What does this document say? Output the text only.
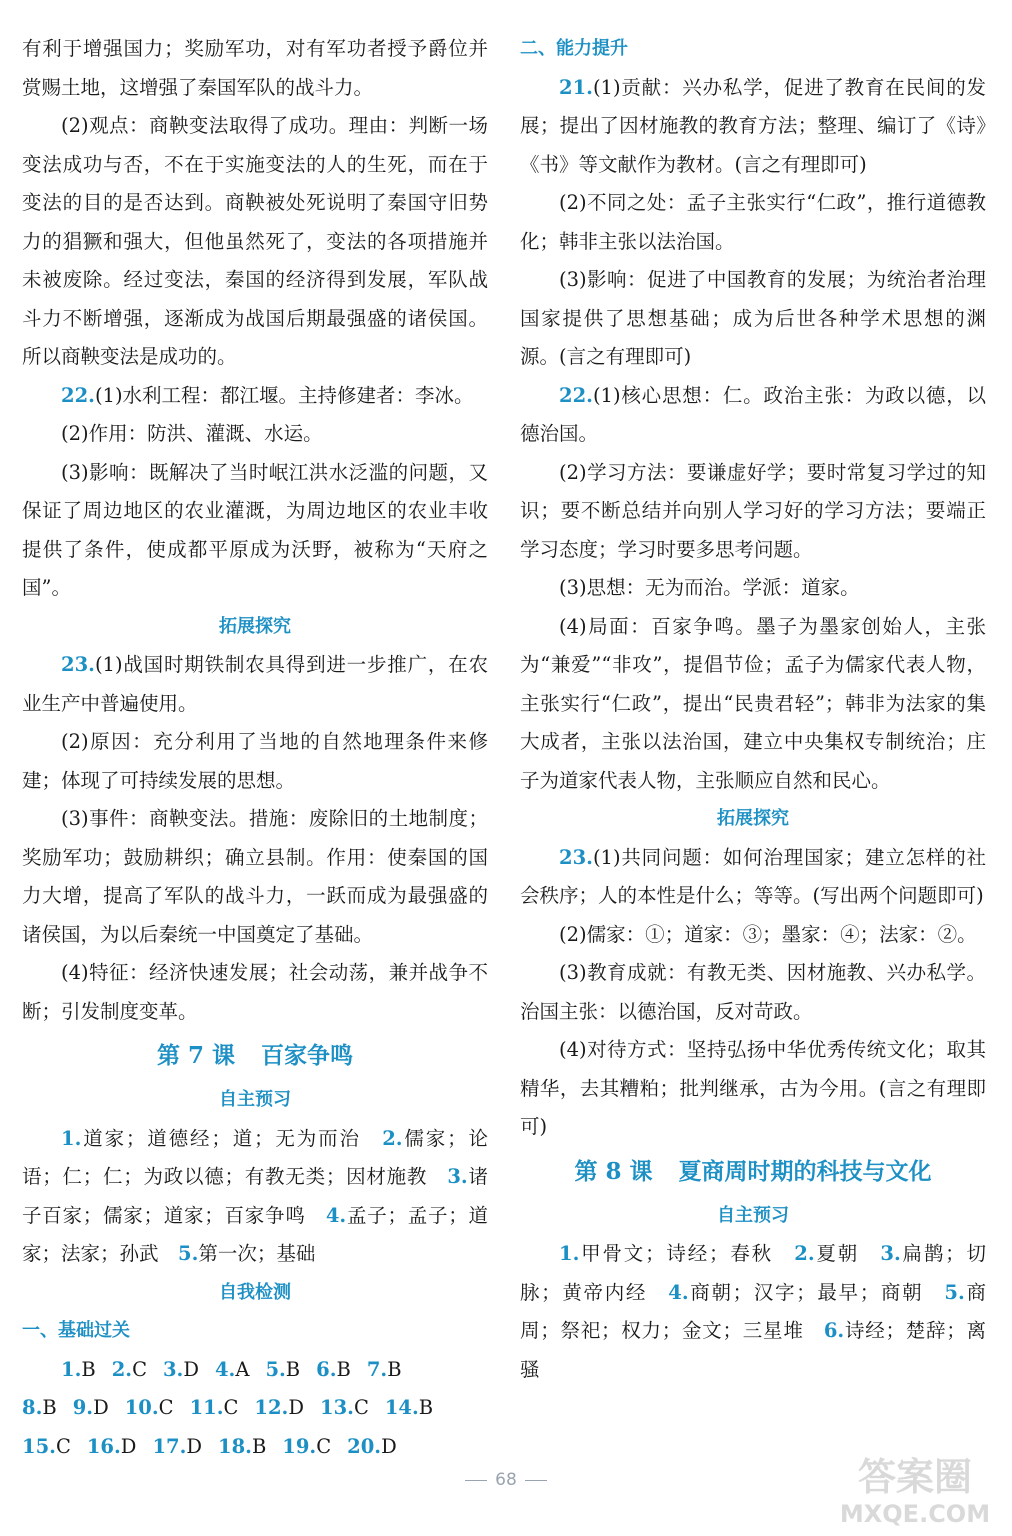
有利于增强国力；奖励军功，对有军功者授予爵位并赏赐土地，这增强了秦国军队的战斗力。

(2)观点：商鞅变法取得了成功。理由：判断一场变法成功与否，不在于实施变法的人的生死，而在于变法的目的是否达到。商鞅被处死说明了秦国守旧势力的猖獗和强大，但他虽然死了，变法的各项措施并未被废除。经过变法，秦国的经济得到发展，军队战斗力不断增强，逐渐成为战国后期最强盛的诸侯国。所以商鞅变法是成功的。

22.(1)水利工程：都江堰。主持修建者：李冰。

(2)作用：防洪、灌溉、水运。

(3)影响：既解决了当时岷江洪水泛滥的问题，又保证了周边地区的农业灌溉，为周边地区的农业丰收提供了条件，使成都平原成为沃野，被称为“天府之国”。

拓展探究

23.(1)战国时期铁制农具得到进一步推广，在农业生产中普遍使用。

(2)原因：充分利用了当地的自然地理条件来修建；体现了可持续发展的思想。

(3)事件：商鞅变法。措施：废除旧的土地制度；奖励军功；鼓励耕织；确立县制。作用：使秦国的国力大增，提高了军队的战斗力，一跃而成为最强盛的诸侯国，为以后秦统一中国奠定了基础。

(4)特征：经济快速发展；社会动荡，兼并战争不断；引发制度变革。

第 7 课 百家争鸣

自主预习

1.道家；道德经；道；无为而治　2.儒家；论语；仁；仁；为政以德；有教无类；因材施教　3.诸子百家；儒家；道家；百家争鸣　4.孟子；孟子；道家；法家；孙武　5.第一次；基础

自我检测

一、基础过关

1.B 2.C 3.D 4.A 5.B 6.B 7.B
8.B 9.D 10.C 11.C 12.D 13.C 14.B
15.C 16.D 17.D 18.B 19.C 20.D

二、能力提升

21.(1)贡献：兴办私学，促进了教育在民间的发展；提出了因材施教的教育方法；整理、编订了《诗》《书》等文献作为教材。(言之有理即可)

(2)不同之处：孟子主张实行“仁政”，推行道德教化；韩非主张以法治国。

(3)影响：促进了中国教育的发展；为统治者治理国家提供了思想基础；成为后世各种学术思想的渊源。(言之有理即可)

22.(1)核心思想：仁。政治主张：为政以德，以德治国。

(2)学习方法：要谦虚好学；要时常复习学过的知识；要不断总结并向别人学习好的学习方法；要端正学习态度；学习时要多思考问题。

(3)思想：无为而治。学派：道家。

(4)局面：百家争鸣。墨子为墨家创始人，主张为“兼爱”“非攻”，提倡节俭；孟子为儒家代表人物，主张实行“仁政”，提出“民贵君轻”；韩非为法家的集大成者，主张以法治国，建立中央集权专制统治；庄子为道家代表人物，主张顺应自然和民心。

拓展探究

23.(1)共同问题：如何治理国家；建立怎样的社会秩序；人的本性是什么；等等。(写出两个问题即可)

(2)儒家：①；道家：③；墨家：④；法家：②。

(3)教育成就：有教无类、因材施教、兴办私学。治国主张：以德治国，反对苛政。

(4)对待方式：坚持弘扬中华优秀传统文化；取其精华，去其糟粕；批判继承，古为今用。(言之有理即可)

第 8 课 夏商周时期的科技与文化

自主预习

1.甲骨文；诗经；春秋　2.夏朝　3.扁鹊；切脉；黄帝内经　4.商朝；汉字；最早；商朝　5.商周；祭祀；权力；金文；三星堆　6.诗经；楚辞；离骚

68	答案圈
MXQE.COM
